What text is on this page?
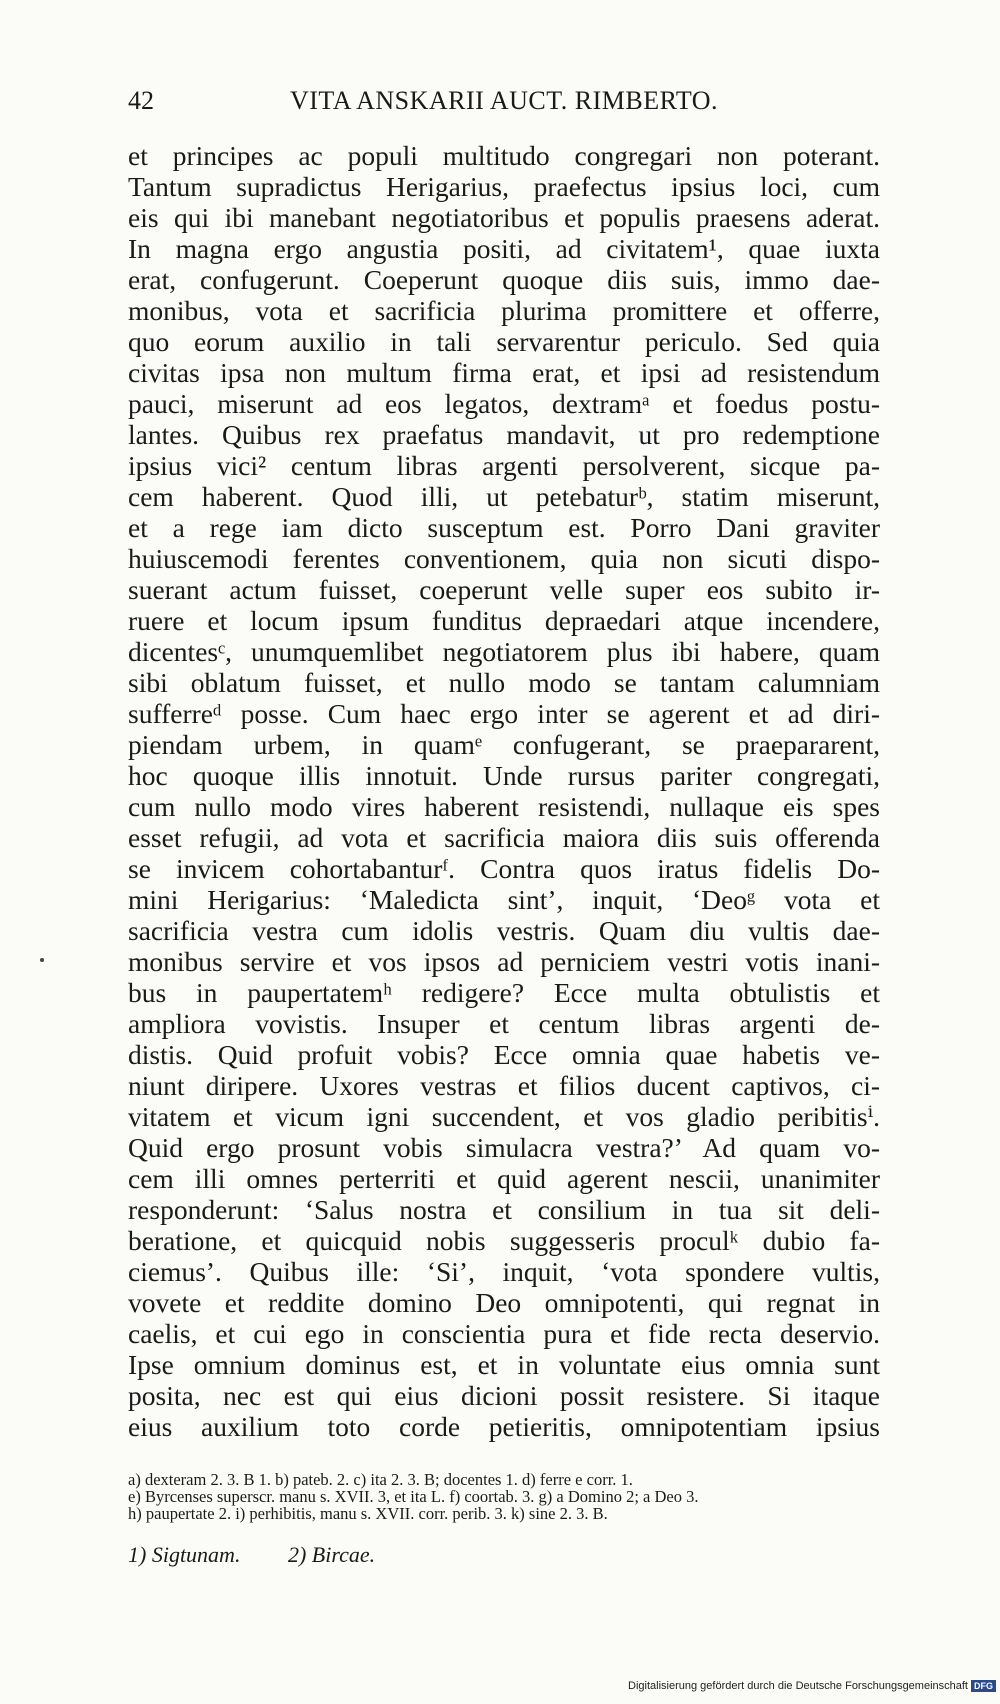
42	VITA ANSKARII AUCT. RIMBERTO.
et principes ac populi multitudo congregari non poterant.
Tantum supradictus Herigarius, praefectus ipsius loci, cum
eis qui ibi manebant negotiatoribus et populis praesens aderat.
In magna ergo angustia positi, ad civitatem¹, quae iuxta
erat, confugerunt. Coeperunt quoque diis suis, immo dae-
monibus, vota et sacrificia plurima promittere et offerre,
quo eorum auxilio in tali servarentur periculo. Sed quia
civitas ipsa non multum firma erat, et ipsi ad resistendum
pauci, miserunt ad eos legatos, dextramᵃ et foedus postu-
lantes. Quibus rex praefatus mandavit, ut pro redemptione
ipsius vici² centum libras argenti persolverent, sicque pa-
cem haberent. Quod illi, ut petebaturᵇ, statim miserunt,
et a rege iam dicto susceptum est. Porro Dani graviter
huiuscemodi ferentes conventionem, quia non sicuti dispo-
suerant actum fuisset, coeperunt velle super eos subito ir-
ruere et locum ipsum funditus depraedari atque incendere,
dicentesᶜ, unumquemlibet negotiatorem plus ibi habere, quam
sibi oblatum fuisset, et nullo modo se tantam calumniam
sufferreᵈ posse. Cum haec ergo inter se agerent et ad diri-
piendam urbem, in quamᵉ confugerant, se praepararent,
hoc quoque illis innotuit. Unde rursus pariter congregati,
cum nullo modo vires haberent resistendi, nullaque eis spes
esset refugii, ad vota et sacrificia maiora diis suis offerenda
se invicem cohortabanturᶠ. Contra quos iratus fidelis Do-
mini Herigarius: ‘Maledicta sint’, inquit, ‘Deoᵍ vota et
sacrificia vestra cum idolis vestris. Quam diu vultis dae-
monibus servire et vos ipsos ad perniciem vestri votis inani-
bus in paupertatemʰ redigere? Ecce multa obtulistis et
ampliora vovistis. Insuper et centum libras argenti de-
distis. Quid profuit vobis? Ecce omnia quae habetis ve-
niunt diripere. Uxores vestras et filios ducent captivos, ci-
vitatem et vicum igni succendent, et vos gladio peribitisⁱ.
Quid ergo prosunt vobis simulacra vestra?’ Ad quam vo-
cem illi omnes perterriti et quid agerent nescii, unanimiter
responderunt: ‘Salus nostra et consilium in tua sit deli-
beratione, et quicquid nobis suggesseris proculᵏ dubio fa-
ciemus’. Quibus ille: ‘Si’, inquit, ‘vota spondere vultis,
vovete et reddite domino Deo omnipotenti, qui regnat in
caelis, et cui ego in conscientia pura et fide recta deservio.
Ipse omnium dominus est, et in voluntate eius omnia sunt
posita, nec est qui eius dicioni possit resistere. Si itaque
eius auxilium toto corde petieritis, omnipotentiam ipsius
a) dexteram 2. 3. B 1. b) pateb. 2. c) ita 2. 3. B; docentes 1. d) ferre e corr. 1.
e) Byrcenses superscr. manu s. XVII. 3, et ita L. f) coortab. 3. g) a Domino 2; a Deo 3.
h) paupertate 2. i) perhibitis, manu s. XVII. corr. perib. 3. k) sine 2. 3. B.
1) Sigtunam. 2) Bircae.
Digitalisierung gefördert durch die Deutsche Forschungsgemeinschaft DFG
